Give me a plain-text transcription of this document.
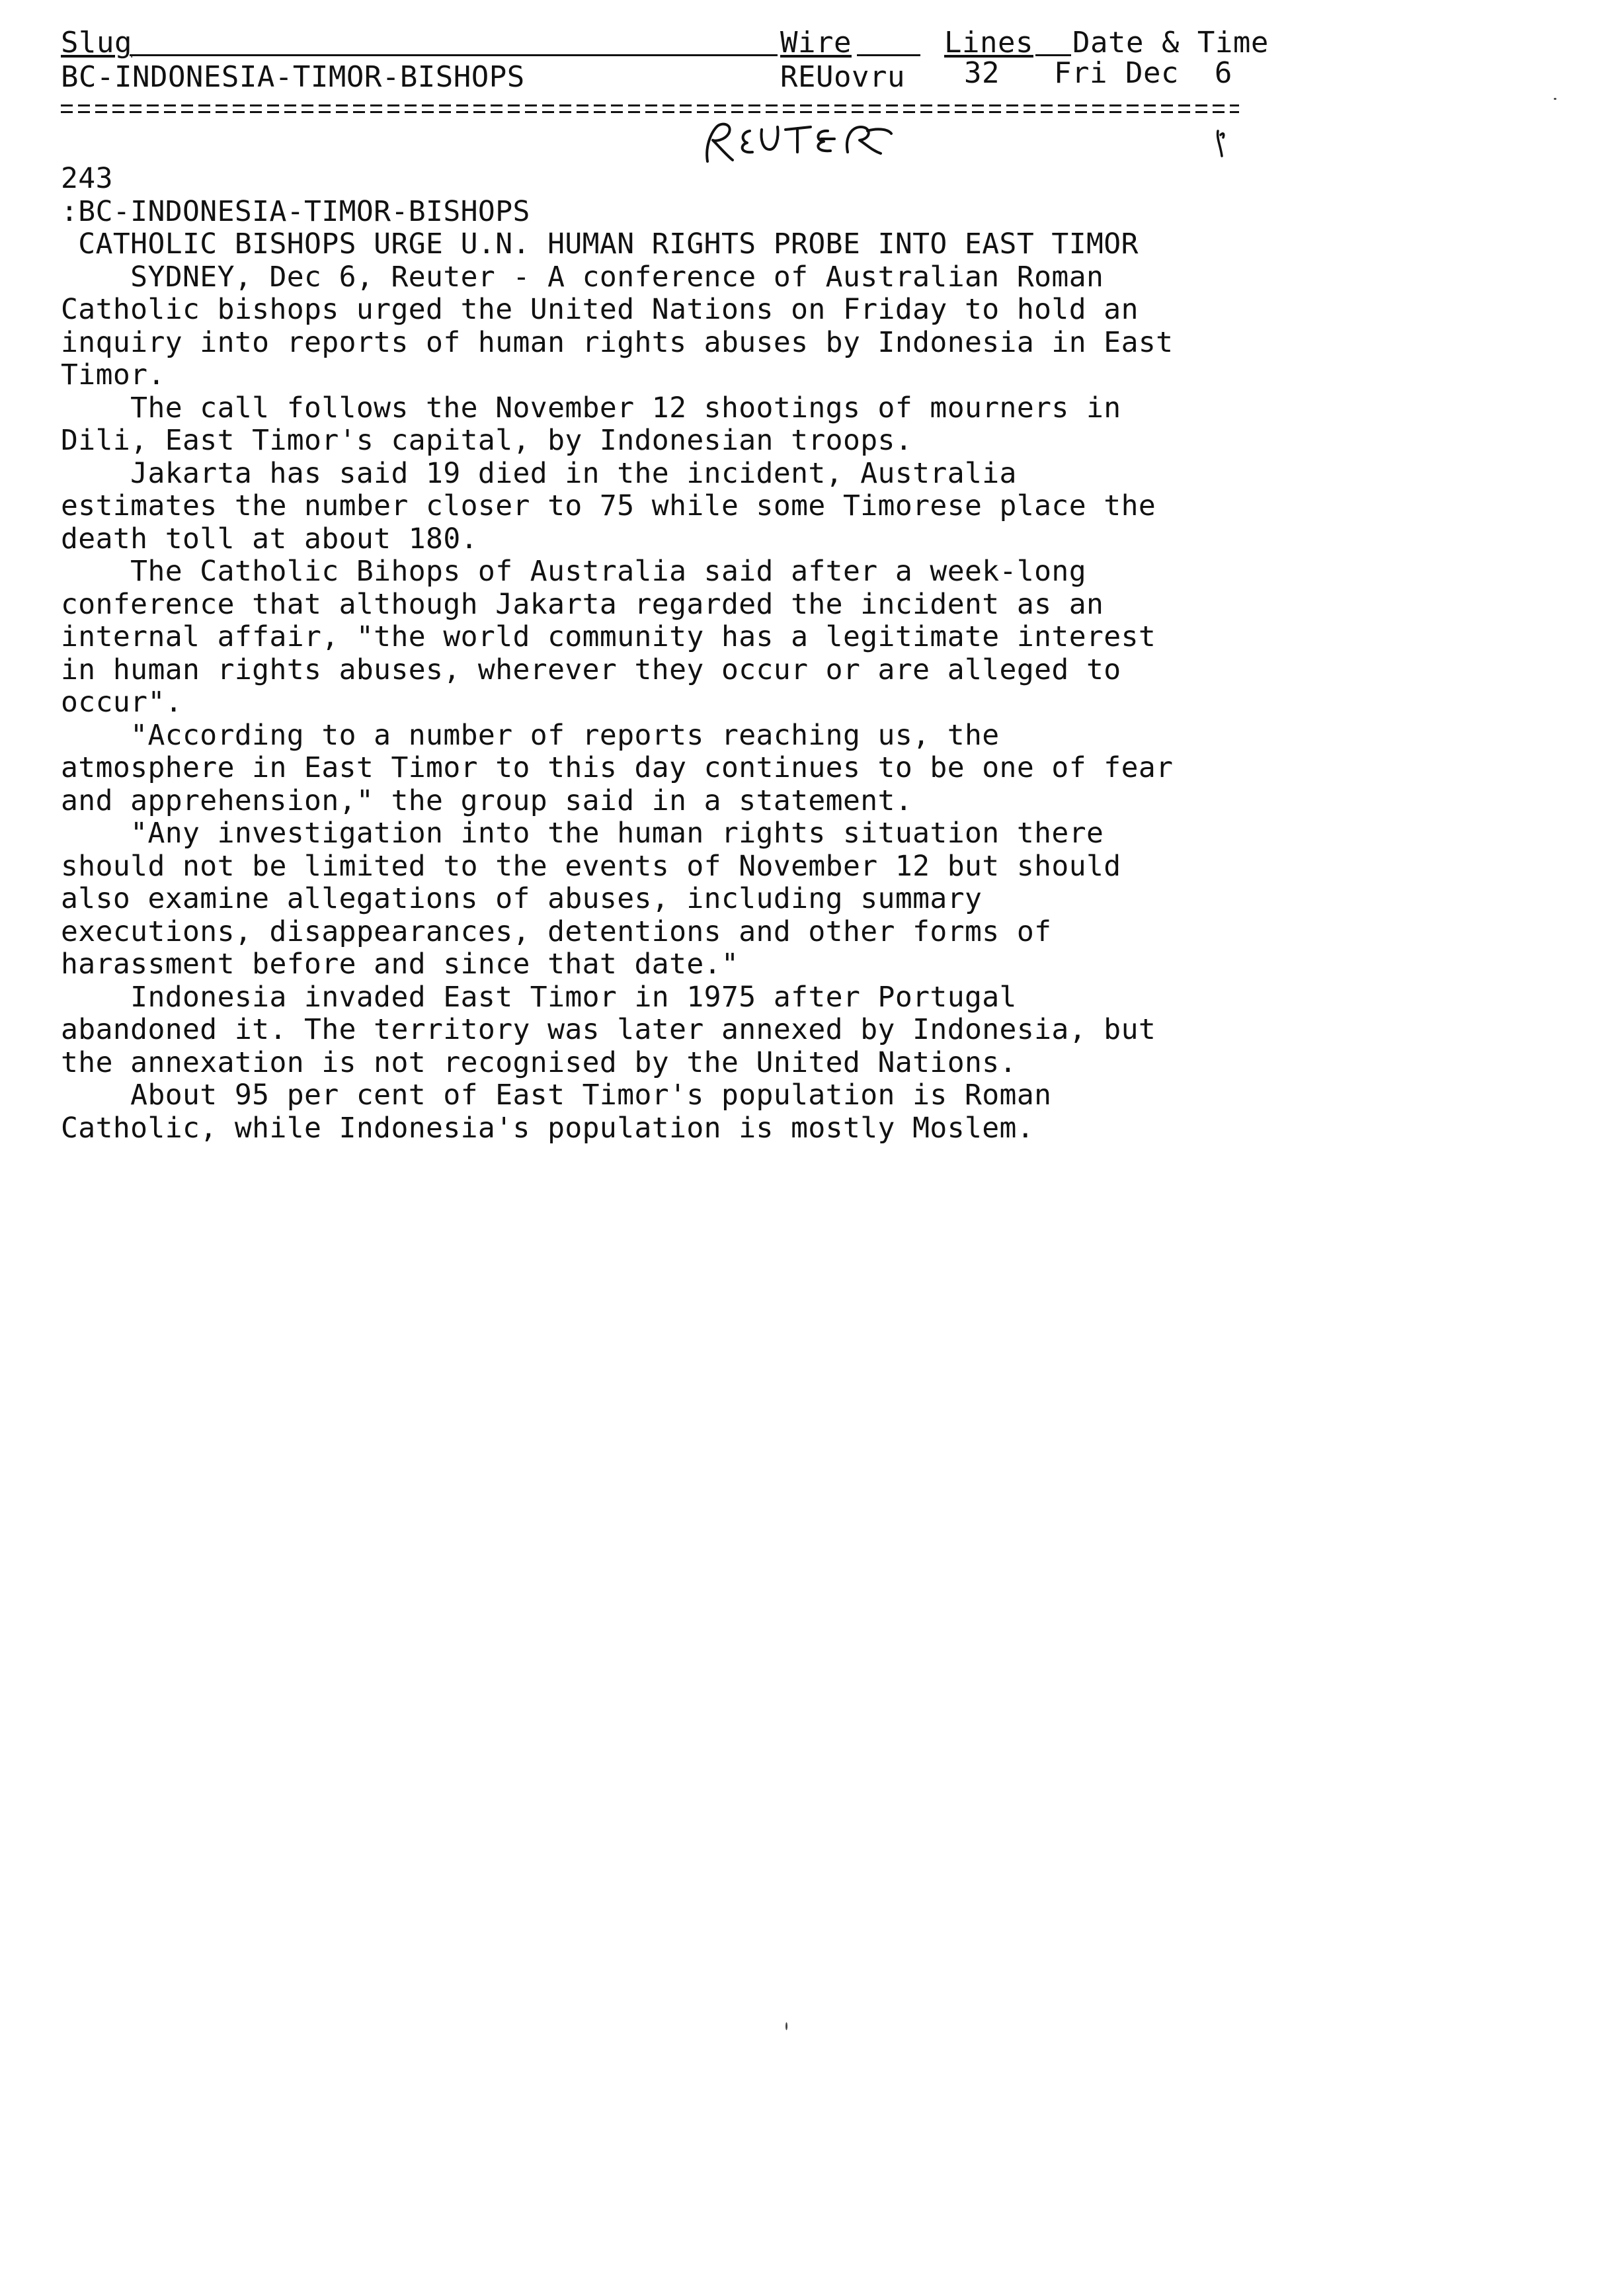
Slug	Wire	Lines Date & Time
BC-INDONESIA-TIMOR-BISHOPS	REUovru 32 Fri Dec  6
243
:BC-INDONESIA-TIMOR-BISHOPS
CATHOLIC BISHOPS URGE U.N. HUMAN RIGHTS PROBE INTO EAST TIMOR
SYDNEY, Dec 6, Reuter - A conference of Australian Roman
Catholic bishops urged the United Nations on Friday to hold an
inquiry into reports of human rights abuses by Indonesia in East
Timor.
The call follows the November 12 shootings of mourners in
Dili, East Timor's capital, by Indonesian troops.
Jakarta has said 19 died in the incident, Australia
estimates the number closer to 75 while some Timorese place the
death toll at about 180.
The Catholic Bihops of Australia said after a week-long
conference that although Jakarta regarded the incident as an
internal affair, "the world community has a legitimate interest
in human rights abuses, wherever they occur or are alleged to
occur".
"According to a number of reports reaching us, the
atmosphere in East Timor to this day continues to be one of fear
and apprehension," the group said in a statement.
"Any investigation into the human rights situation there
should not be limited to the events of November 12 but should
also examine allegations of abuses, including summary
executions, disappearances, detentions and other forms of
harassment before and since that date."
Indonesia invaded East Timor in 1975 after Portugal
abandoned it. The territory was later annexed by Indonesia, but
the annexation is not recognised by the United Nations.
About 95 per cent of East Timor's population is Roman
Catholic, while Indonesia's population is mostly Moslem.
